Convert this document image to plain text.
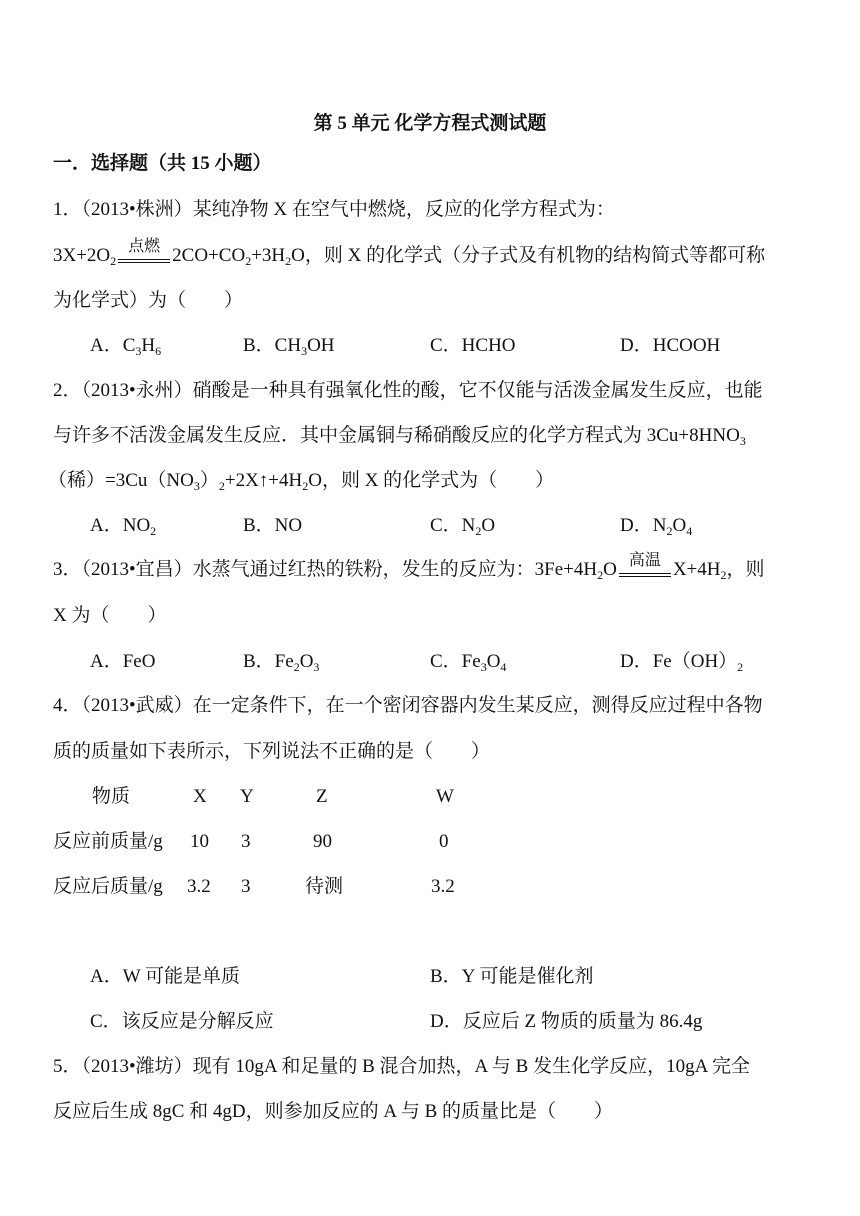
第 5 单元 化学方程式测试题
一．选择题（共 15 小题）
1．（2013•株洲）某纯净物 X 在空气中燃烧，反应的化学方程式为：
$3X+2O_2$
点燃 $2CO+CO_2+3H_2O$，则 X 的化学式（分子式及有机物的结构简式等都可称
为化学式）为（　　）
A．$C_3H_6$	B．$CH_3OH$	C．HCHO	D．HCOOH
2．（2013•永州）硝酸是一种具有强氧化性的酸，它不仅能与活泼金属发生反应，也能
与许多不活泼金属发生反应．其中金属铜与稀硝酸反应的化学方程式为 $3Cu+8HNO_3$
（稀）$=3Cu(NO_3)_2+2X↑+4H_2O$，则 X 的化学式为（　　）
A．$NO_2$	B．NO	C．$N_2O$	D．$N_2O_4$
3．（2013•宜昌）水蒸气通过红热的铁粉，发生的反应为：$3Fe+4H_2O$ 高温 $X+4H_2$，则
X 为（　　）
A．FeO	B．$Fe_2O_3$	C．$Fe_3O_4$	D．$Fe(OH)_2$
4．（2013•武威）在一定条件下，在一个密闭容器内发生某反应，测得反应过程中各物
质的质量如下表所示，下列说法不正确的是（　　）
物质	X Y	Z	W
反应前质量/g 10 3	90	0
反应后质量/g 3.2 3	待测	3.2
A．W 可能是单质	B．Y 可能是催化剂
C．该反应是分解反应	D．反应后 Z 物质的质量为 86.4g
5．（2013•潍坊）现有 10gA 和足量的 B 混合加热，A 与 B 发生化学反应，10gA 完全
反应后生成 8gC 和 4gD，则参加反应的 A 与 B 的质量比是（　　）
